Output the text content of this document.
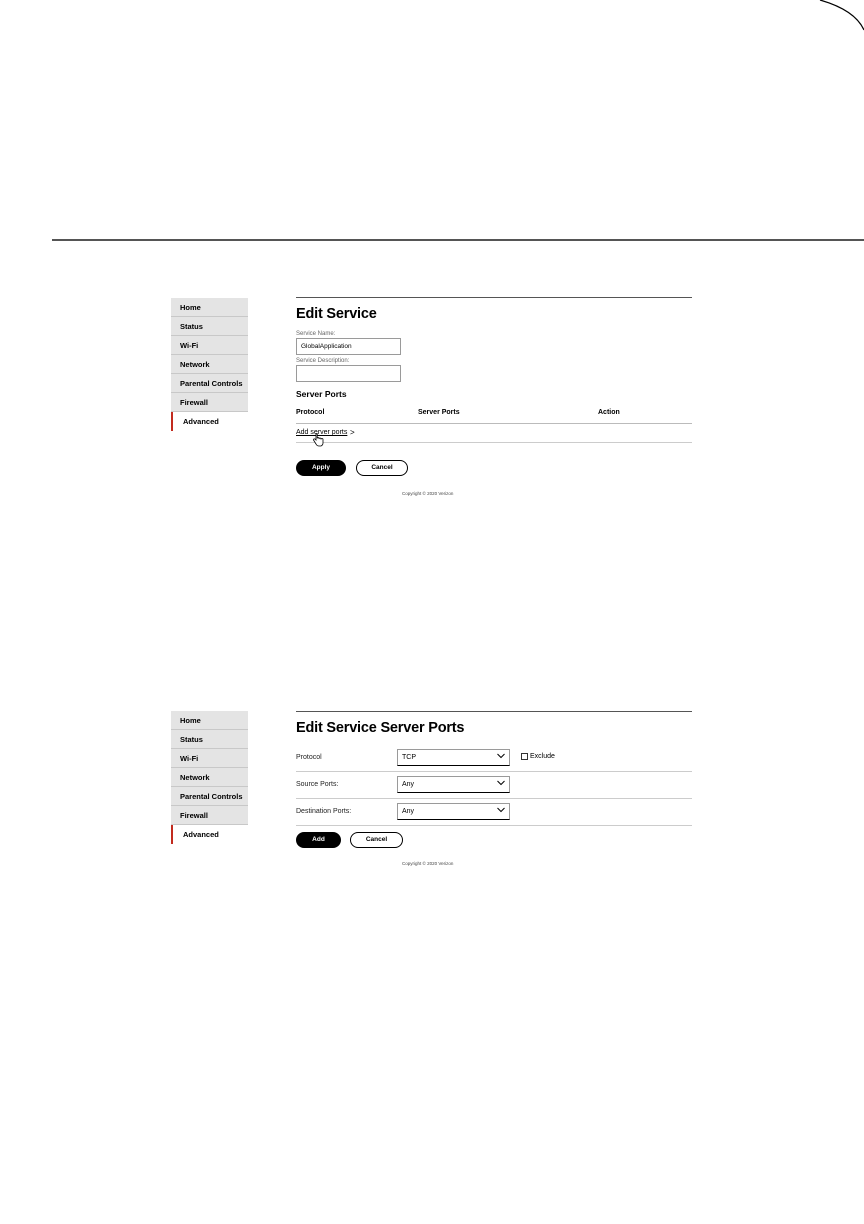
Home
Status
Wi-Fi
Network
Parental Controls
Firewall
Advanced
Edit Service
Service Name:
GlobalApplication
Service Description:
Server Ports
Protocol	Server Ports	Action
Add server ports >
Apply	Cancel
Copyright © 2020 Verizon
Home
Status
Wi-Fi
Network
Parental Controls
Firewall
Advanced
Edit Service Server Ports
Protocol	TCP	Exclude
Source Ports:	Any
Destination Ports:	Any
Add	Cancel
Copyright © 2020 Verizon
